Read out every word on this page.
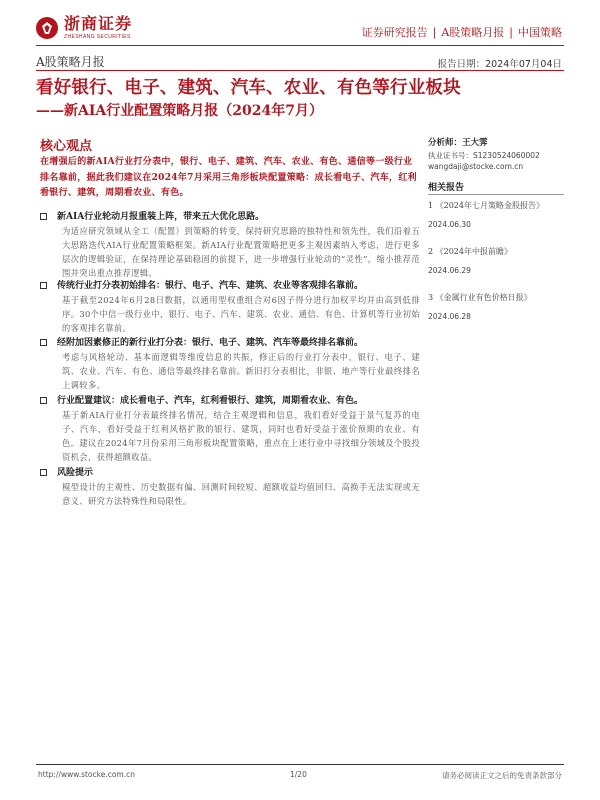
浙商证券
ZHESHANG SECURITIES	证券研究报告 | A股策略月报 | 中国策略
A股策略月报	报告日期：2024年07月04日
看好银行、电子、建筑、汽车、农业、有色等行业板块
——新AIA行业配置策略月报（2024年7月）
核心观点
在增强后的新AIA行业打分表中，银行、电子、建筑、汽车、农业、有色、通信等一级行业排名靠前，据此我们建议在2024年7月采用三角形板块配置策略：成长看电子、汽车，红利看银行、建筑，周期看农业、有色。
新AIA行业轮动月报重装上阵，带来五大优化思路。
为适应研究领域从全工（配置）到策略的转变，保持研究思路的独特性和领先性，我们沿着五大思路迭代AIA行业配置策略框架。新AIA行业配置策略把更多主观因素纳入考虑，进行更多层次的逻辑验证，在保持理论基础稳固的前提下，进一步增强行业轮动的“灵性”，缩小推荐范围并突出重点推荐逻辑。
传统行业打分表初始排名：银行、电子、汽车、建筑、农业等客观排名靠前。
基于截至2024年6月28日数据，以通用型权重组合对6因子得分进行加权平均并由高到低排序。30个中信一级行业中，银行、电子、汽车、建筑、农业、通信、有色、计算机等行业初始的客观排名靠前。
经附加因素修正的新行业打分表：银行、电子、建筑、汽车等最终排名靠前。
考虑与风格轮动、基本面逻辑等维度信息的共振，修正后的行业打分表中，银行、电子、建筑、农业、汽车、有色、通信等最终排名靠前。新旧打分表相比，非银、地产等行业最终排名上调较多。
行业配置建议：成长看电子、汽车，红利看银行、建筑，周期看农业、有色。
基于新AIA行业打分表最终排名情况，结合主观逻辑和信息，我们看好受益于景气复苏的电子、汽车，看好受益于红利风格扩散的银行、建筑，同时也看好受益于涨价预期的农业、有色。建议在2024年7月份采用三角形板块配置策略，重点在上述行业中寻找细分领域及个股投资机会，获得超额收益。
风险提示
模型设计的主观性、历史数据有偏、回测时间较短、超额收益均值回归、高换手无法实现或无意义、研究方法特殊性和局限性。
分析师：王大霁
执业证书号：S1230524060002
wangdaji@stocke.com.cn
相关报告
1 《2024年七月策略金股报告》
2024.06.30
2 《2024年中报前瞻》
2024.06.29
3 《金属行业有色价格日报》
2024.06.28
http://www.stocke.com.cn	1/20	请务必阅读正文之后的免责条款部分
